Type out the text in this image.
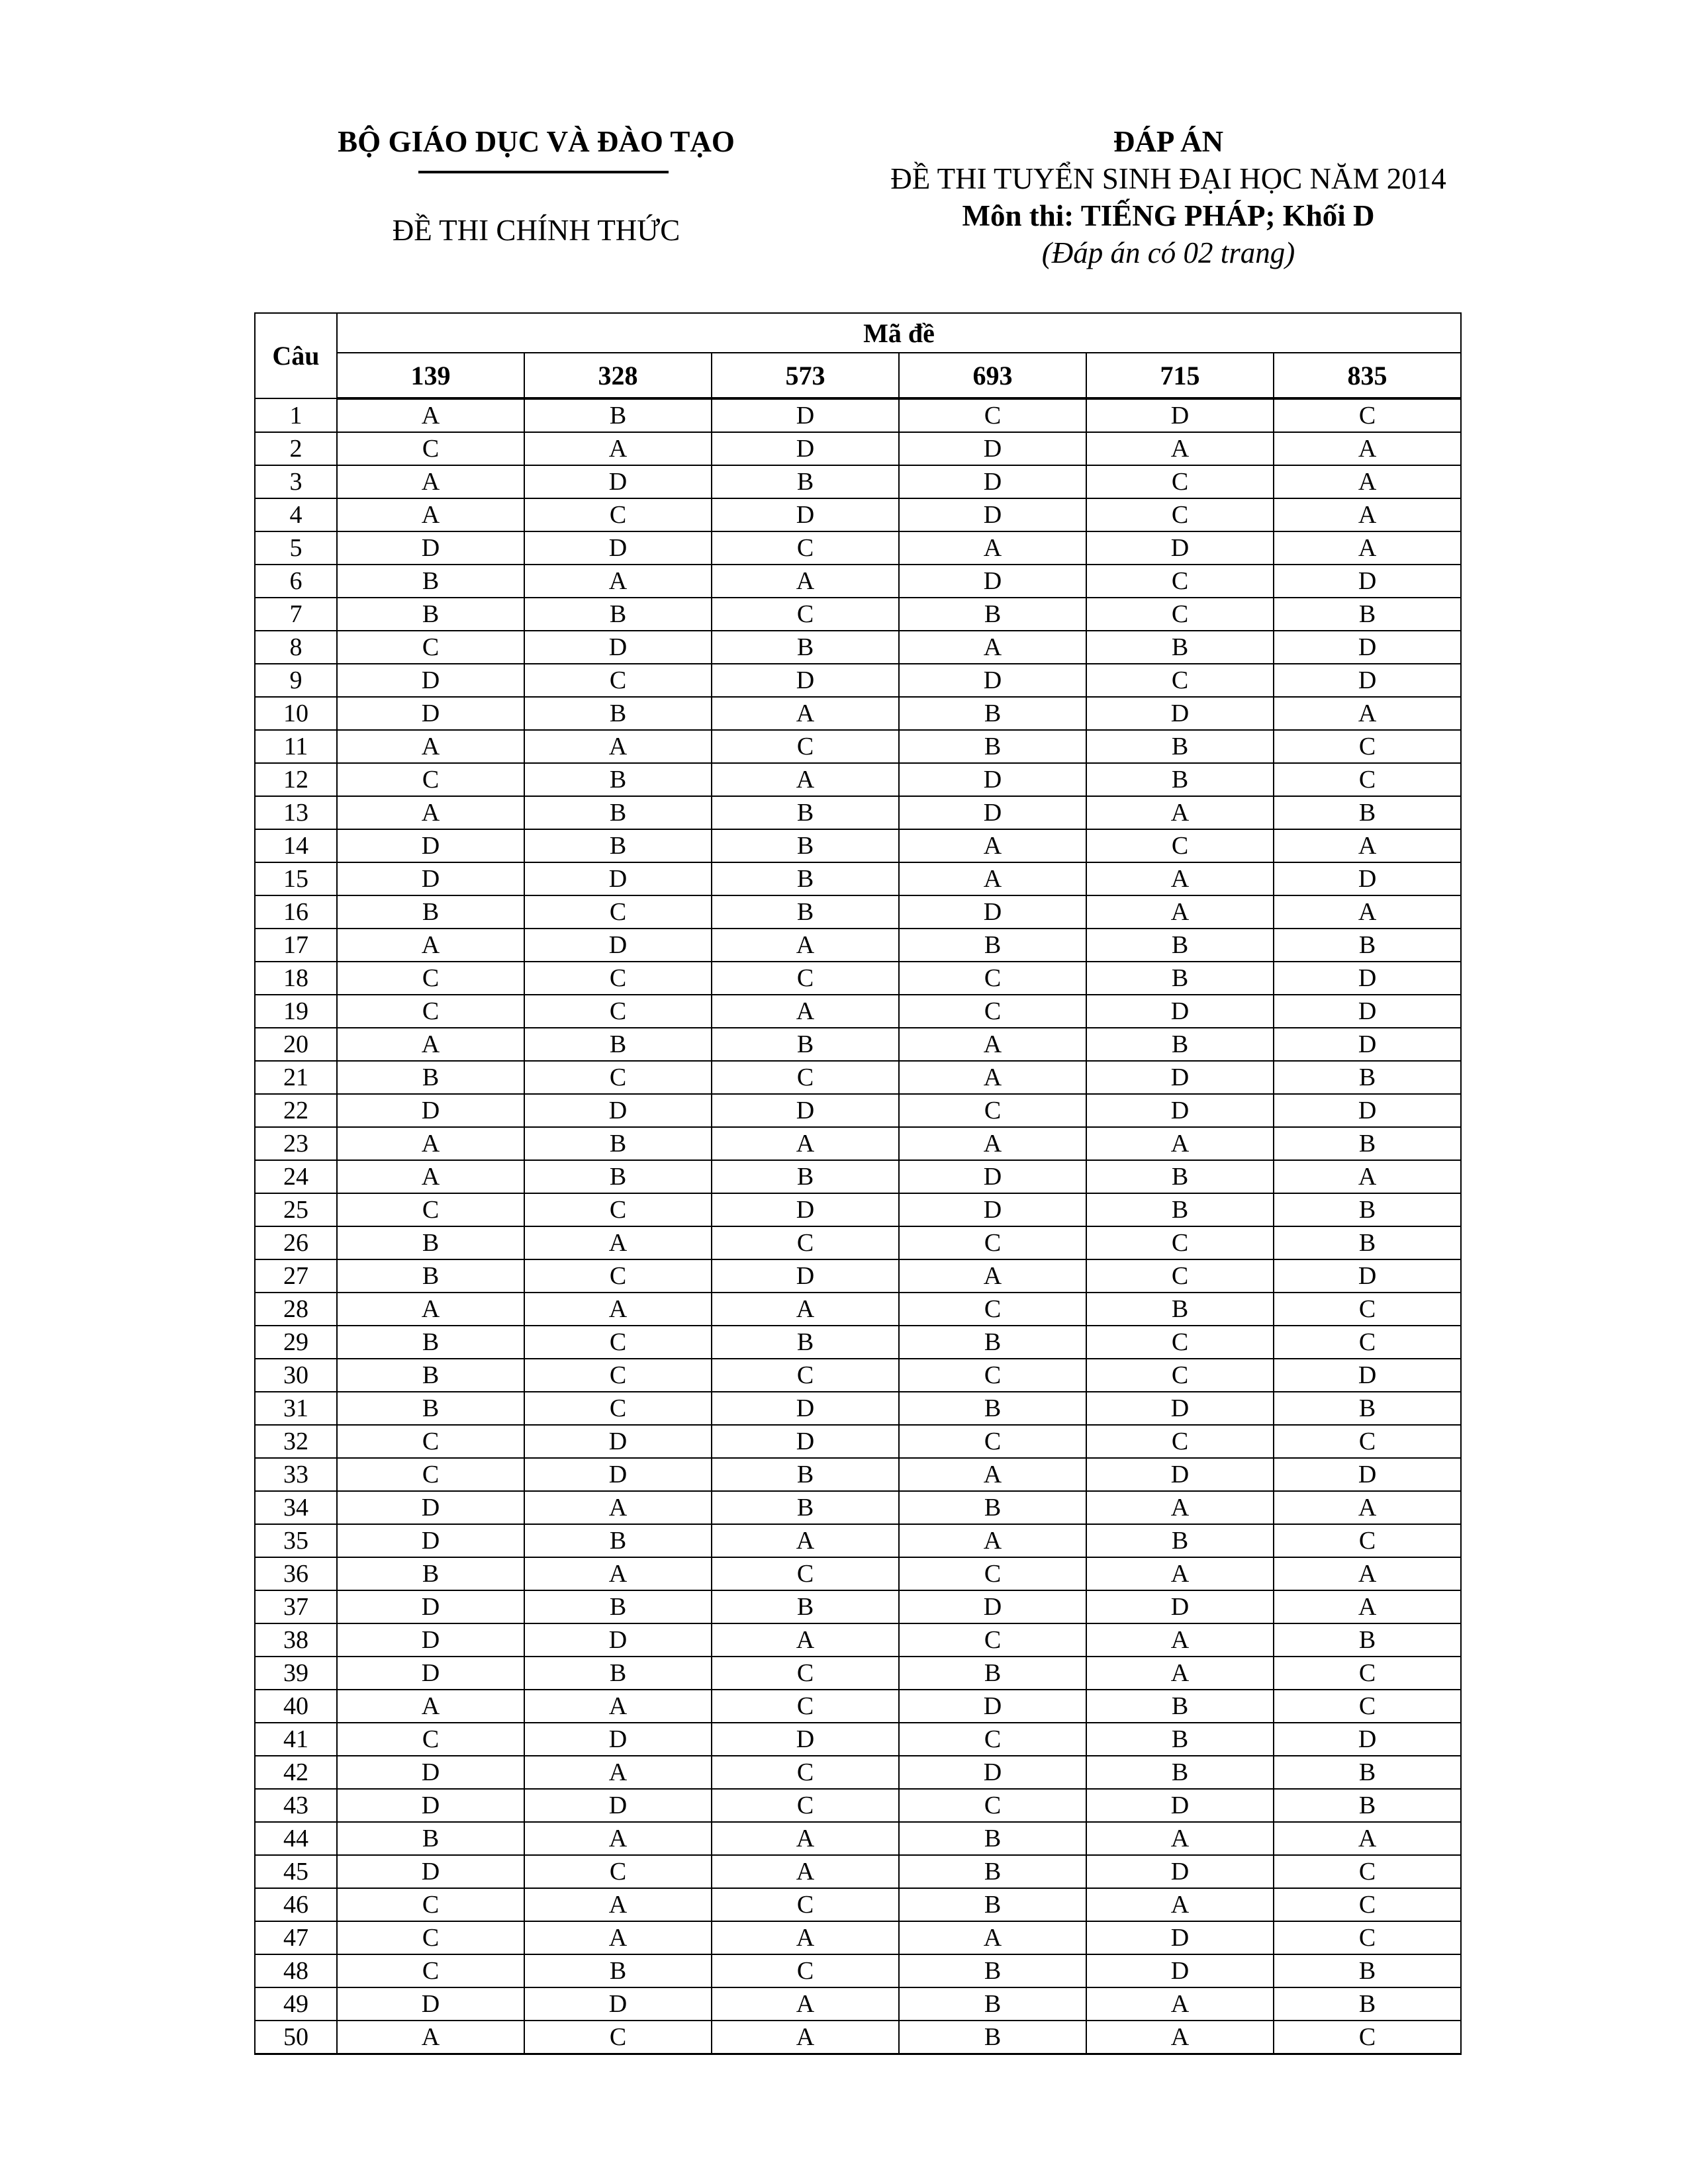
BỘ GIÁO DỤC VÀ ĐÀO TẠO
ĐỀ THI CHÍNH THỨC
ĐÁP ÁN
ĐỀ THI TUYỂN SINH ĐẠI HỌC NĂM 2014
Môn thi: TIẾNG PHÁP; Khối D
(Đáp án có 02 trang)
Câu	Mã đề					
	139	328	573	693	715	835
1	A	B	D	C	D	C
2	C	A	D	D	A	A
3	A	D	B	D	C	A
4	A	C	D	D	C	A
5	D	D	C	A	D	A
6	B	A	A	D	C	D
7	B	B	C	B	C	B
8	C	D	B	A	B	D
9	D	C	D	D	C	D
10	D	B	A	B	D	A
11	A	A	C	B	B	C
12	C	B	A	D	B	C
13	A	B	B	D	A	B
14	D	B	B	A	C	A
15	D	D	B	A	A	D
16	B	C	B	D	A	A
17	A	D	A	B	B	B
18	C	C	C	C	B	D
19	C	C	A	C	D	D
20	A	B	B	A	B	D
21	B	C	C	A	D	B
22	D	D	D	C	D	D
23	A	B	A	A	A	B
24	A	B	B	D	B	A
25	C	C	D	D	B	B
26	B	A	C	C	C	B
27	B	C	D	A	C	D
28	A	A	A	C	B	C
29	B	C	B	B	C	C
30	B	C	C	C	C	D
31	B	C	D	B	D	B
32	C	D	D	C	C	C
33	C	D	B	A	D	D
34	D	A	B	B	A	A
35	D	B	A	A	B	C
36	B	A	C	C	A	A
37	D	B	B	D	D	A
38	D	D	A	C	A	B
39	D	B	C	B	A	C
40	A	A	C	D	B	C
41	C	D	D	C	B	D
42	D	A	C	D	B	B
43	D	D	C	C	D	B
44	B	A	A	B	A	A
45	D	C	A	B	D	C
46	C	A	C	B	A	C
47	C	A	A	A	D	C
48	C	B	C	B	D	B
49	D	D	A	B	A	B
50	A	C	A	B	A	C
